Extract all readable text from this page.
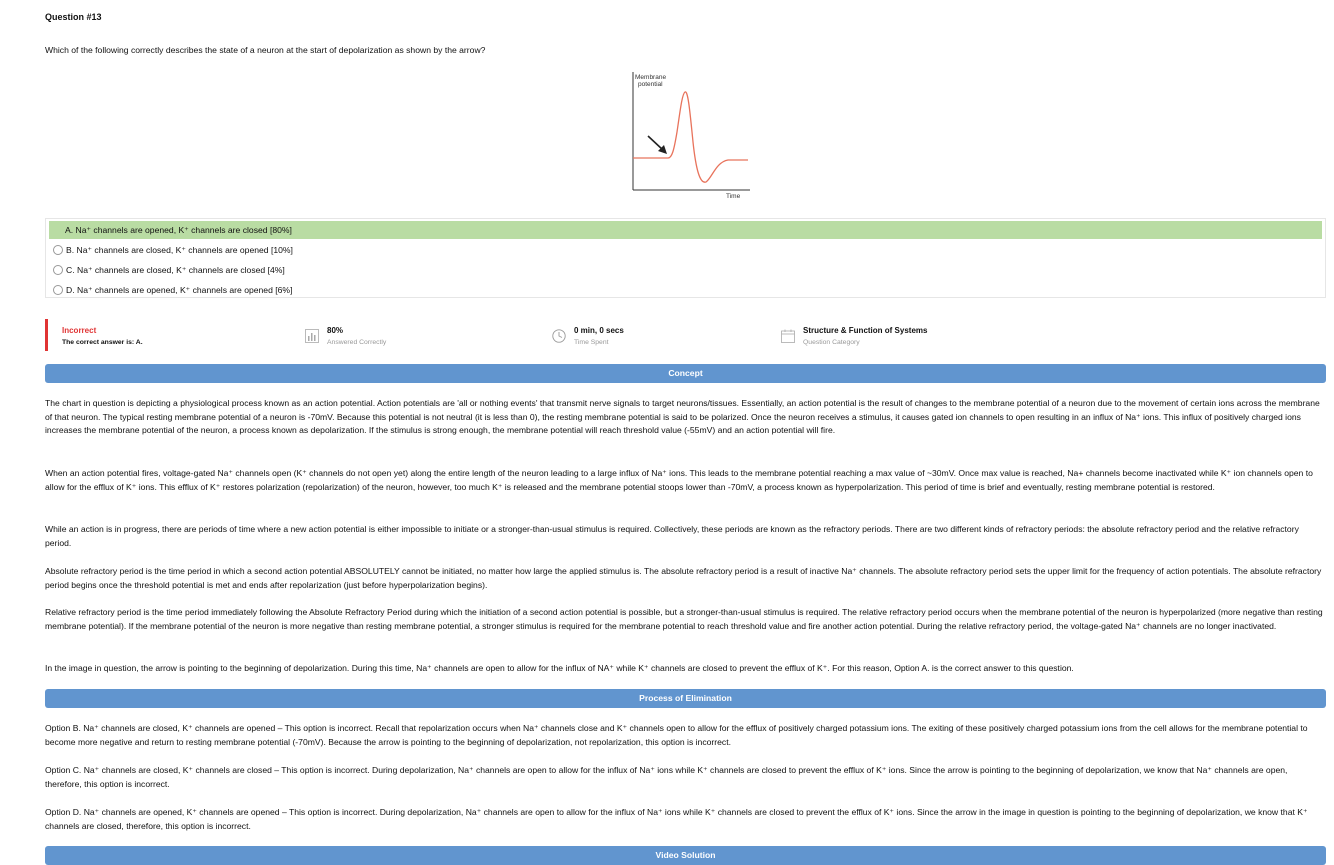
Question #13
Which of the following correctly describes the state of a neuron at the start of depolarization as shown by the arrow?
Membrane
potential
Time
A. Na⁺ channels are opened, K⁺ channels are closed [80%]
B. Na⁺ channels are closed, K⁺ channels are opened [10%]
C. Na⁺ channels are closed, K⁺ channels are closed [4%]
D. Na⁺ channels are opened, K⁺ channels are opened [6%]
Incorrect
The correct answer is: A.
80%
Answered Correctly
0 min, 0 secs
Time Spent
Structure & Function of Systems
Question Category
Concept
The chart in question is depicting a physiological process known as an action potential. Action potentials are 'all or nothing events' that transmit nerve signals to target neurons/tissues. Essentially, an action potential is the result of changes to the membrane potential of a neuron due to the movement of certain ions across the membrane of that neuron. The typical resting membrane potential of a neuron is -70mV. Because this potential is not neutral (it is less than 0), the resting membrane potential is said to be polarized. Once the neuron receives a stimulus, it causes gated ion channels to open resulting in an influx of Na⁺ ions. This influx of positively charged ions increases the membrane potential of the neuron, a process known as depolarization. If the stimulus is strong enough, the membrane potential will reach threshold value (-55mV) and an action potential will fire.
When an action potential fires, voltage-gated Na⁺ channels open (K⁺ channels do not open yet) along the entire length of the neuron leading to a large influx of Na⁺ ions. This leads to the membrane potential reaching a max value of ~30mV. Once max value is reached, Na+ channels become inactivated while K⁺ ion channels open to allow for the efflux of K⁺ ions. This efflux of K⁺ restores polarization (repolarization) of the neuron, however, too much K⁺ is released and the membrane potential stoops lower than -70mV, a process known as hyperpolarization. This period of time is brief and eventually, resting membrane potential is restored.
While an action is in progress, there are periods of time where a new action potential is either impossible to initiate or a stronger-than-usual stimulus is required. Collectively, these periods are known as the refractory periods. There are two different kinds of refractory periods: the absolute refractory period and the relative refractory period.
Absolute refractory period is the time period in which a second action potential ABSOLUTELY cannot be initiated, no matter how large the applied stimulus is. The absolute refractory period is a result of inactive Na⁺ channels. The absolute refractory period sets the upper limit for the frequency of action potentials. The absolute refractory period begins once the threshold potential is met and ends after repolarization (just before hyperpolarization begins).
Relative refractory period is the time period immediately following the Absolute Refractory Period during which the initiation of a second action potential is possible, but a stronger-than-usual stimulus is required. The relative refractory period occurs when the membrane potential of the neuron is hyperpolarized (more negative than resting membrane potential). If the membrane potential of the neuron is more negative than resting membrane potential, a stronger stimulus is required for the membrane potential to reach threshold value and fire another action potential. During the relative refractory period, the voltage-gated Na⁺ channels are no longer inactivated.
In the image in question, the arrow is pointing to the beginning of depolarization. During this time, Na⁺ channels are open to allow for the influx of NA⁺ while K⁺ channels are closed to prevent the efflux of K⁺. For this reason, Option A. is the correct answer to this question.
Process of Elimination
Option B. Na⁺ channels are closed, K⁺ channels are opened – This option is incorrect. Recall that repolarization occurs when Na⁺ channels close and K⁺ channels open to allow for the efflux of positively charged potassium ions. The exiting of these positively charged potassium ions from the cell allows for the membrane potential to become more negative and return to resting membrane potential (-70mV). Because the arrow is pointing to the beginning of depolarization, not repolarization, this option is incorrect.
Option C. Na⁺ channels are closed, K⁺ channels are closed – This option is incorrect. During depolarization, Na⁺ channels are open to allow for the influx of Na⁺ ions while K⁺ channels are closed to prevent the efflux of K⁺ ions. Since the arrow is pointing to the beginning of depolarization, we know that Na⁺ channels are open, therefore, this option is incorrect.
Option D. Na⁺ channels are opened, K⁺ channels are opened – This option is incorrect. During depolarization, Na⁺ channels are open to allow for the influx of Na⁺ ions while K⁺ channels are closed to prevent the efflux of K⁺ ions. Since the arrow in the image in question is pointing to the beginning of depolarization, we know that K⁺ channels are closed, therefore, this option is incorrect.
Video Solution
